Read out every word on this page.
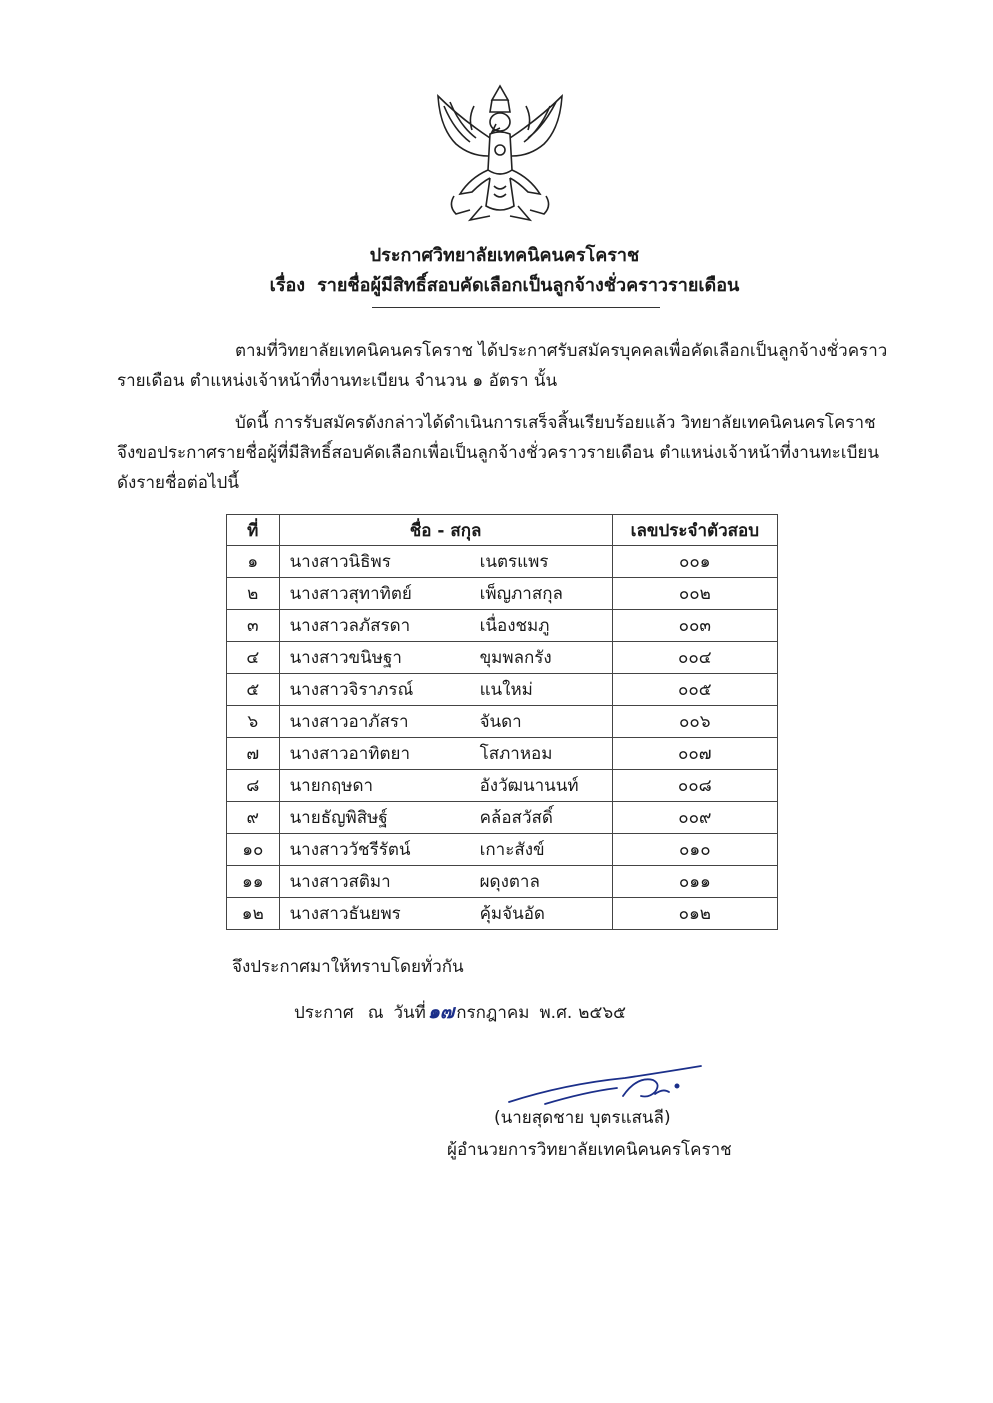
ประกาศวิทยาลัยเทคนิคนครโคราช
เรื่อง รายชื่อผู้มีสิทธิ์สอบคัดเลือกเป็นลูกจ้างชั่วคราวรายเดือน
ตามที่วิทยาลัยเทคนิคนครโคราช ได้ประกาศรับสมัครบุคคลเพื่อคัดเลือกเป็นลูกจ้างชั่วคราว
รายเดือน ตำแหน่งเจ้าหน้าที่งานทะเบียน จำนวน ๑ อัตรา นั้น
บัดนี้ การรับสมัครดังกล่าวได้ดำเนินการเสร็จสิ้นเรียบร้อยแล้ว วิทยาลัยเทคนิคนครโคราช
จึงขอประกาศรายชื่อผู้ที่มีสิทธิ์สอบคัดเลือกเพื่อเป็นลูกจ้างชั่วคราวรายเดือน ตำแหน่งเจ้าหน้าที่งานทะเบียน
ดังรายชื่อต่อไปนี้
ที่	ชื่อ - สกุล	เลขประจำตัวสอบ
๑	นางสาวนิธิพร เนตรแพร	๐๐๑
๒	นางสาวสุทาทิตย์ เพ็ญภาสกุล	๐๐๒
๓	นางสาวลภัสรดา เนื่องชมภู	๐๐๓
๔	นางสาวขนิษฐา ขุมพลกรัง	๐๐๔
๕	นางสาวจิราภรณ์ แนใหม่	๐๐๕
๖	นางสาวอาภัสรา จันดา	๐๐๖
๗	นางสาวอาทิตยา โสภาหอม	๐๐๗
๘	นายกฤษดา อังวัฒนานนท์	๐๐๘
๙	นายธัญพิสิษฐ์ คล้อสวัสดิ์	๐๐๙
๑๐	นางสาววัชรีรัตน์ เกาะสังข์	๐๑๐
๑๑	นางสาวสติมา ผดุงตาล	๐๑๑
๑๒	นางสาวธันยพร คุ้มจันอัด	๐๑๒
จึงประกาศมาให้ทราบโดยทั่วกัน
ประกาศ ณ วันที่ ๑๗ กรกฎาคม พ.ศ. ๒๕๖๕
(นายสุดชาย บุตรแสนลี)
ผู้อำนวยการวิทยาลัยเทคนิคนครโคราช
